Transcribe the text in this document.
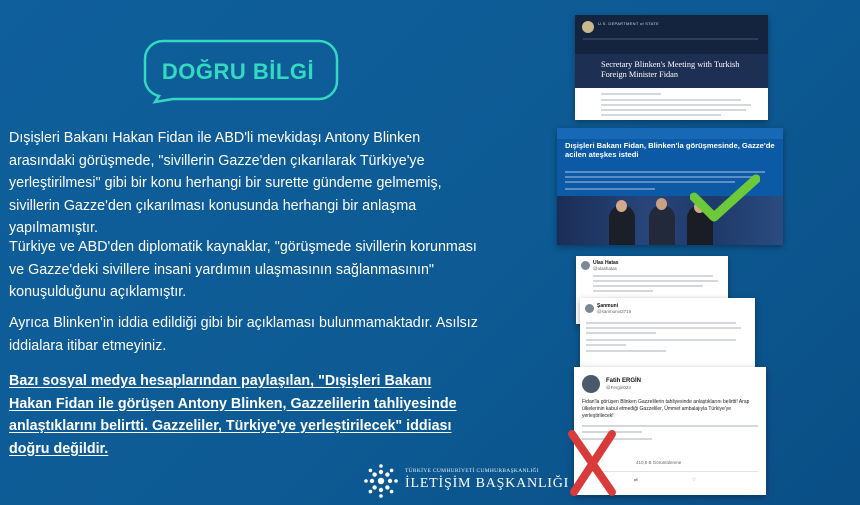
DOĞRU BİLGİ
Dışişleri Bakanı Hakan Fidan ile ABD'li mevkidaşı Antony Blinken arasındaki görüşmede, "sivillerin Gazze'den çıkarılarak Türkiye'ye yerleştirilmesi" gibi bir konu herhangi bir surette gündeme gelmemiş, sivillerin Gazze'den çıkarılması konusunda herhangi bir anlaşma yapılmamıştır.
Türkiye ve ABD'den diplomatik kaynaklar, "görüşmede sivillerin korunması ve Gazze'deki sivillere insani yardımın ulaşmasının sağlanmasının" konuşulduğunu açıklamıştır.
Ayrıca Blinken'in iddia edildiği gibi bir açıklaması bulunmamaktadır. Asılsız iddialara itibar etmeyiniz.
Bazı sosyal medya hesaplarından paylaşılan, "Dışişleri Bakanı Hakan Fidan ile görüşen Antony Blinken, Gazzelilerin tahliyesinde anlaştıklarını belirtti. Gazzeliler, Türkiye'ye yerleştirilecek" iddiası doğru değildir.
TÜRKİYE CUMHURİYETİ CUMHURBAŞKANLIĞI
İLETİŞİM BAŞKANLIĞI
U.S. DEPARTMENT of STATE
Secretary Blinken's Meeting with Turkish Foreign Minister Fidan
Dışişleri Bakanı Fidan, Blinken'la görüşmesinde, Gazze'de acilen ateşkes istedi
Ulas Hatas
@ulashatas
Şanmuni
@sanmuni43719
Fatih ERGİN
@Fergin023
Fidan'la görüşen Blinken Gazzelilerin tahliyesinde anlaştıklarını belirtti! Arap ülkelerinin kabul etmediği Gazzeliler, Ümmet ambalajıyla Türkiye'ye yerleştirilecek!
410,9 B Görüntülenme
⇄	♡
